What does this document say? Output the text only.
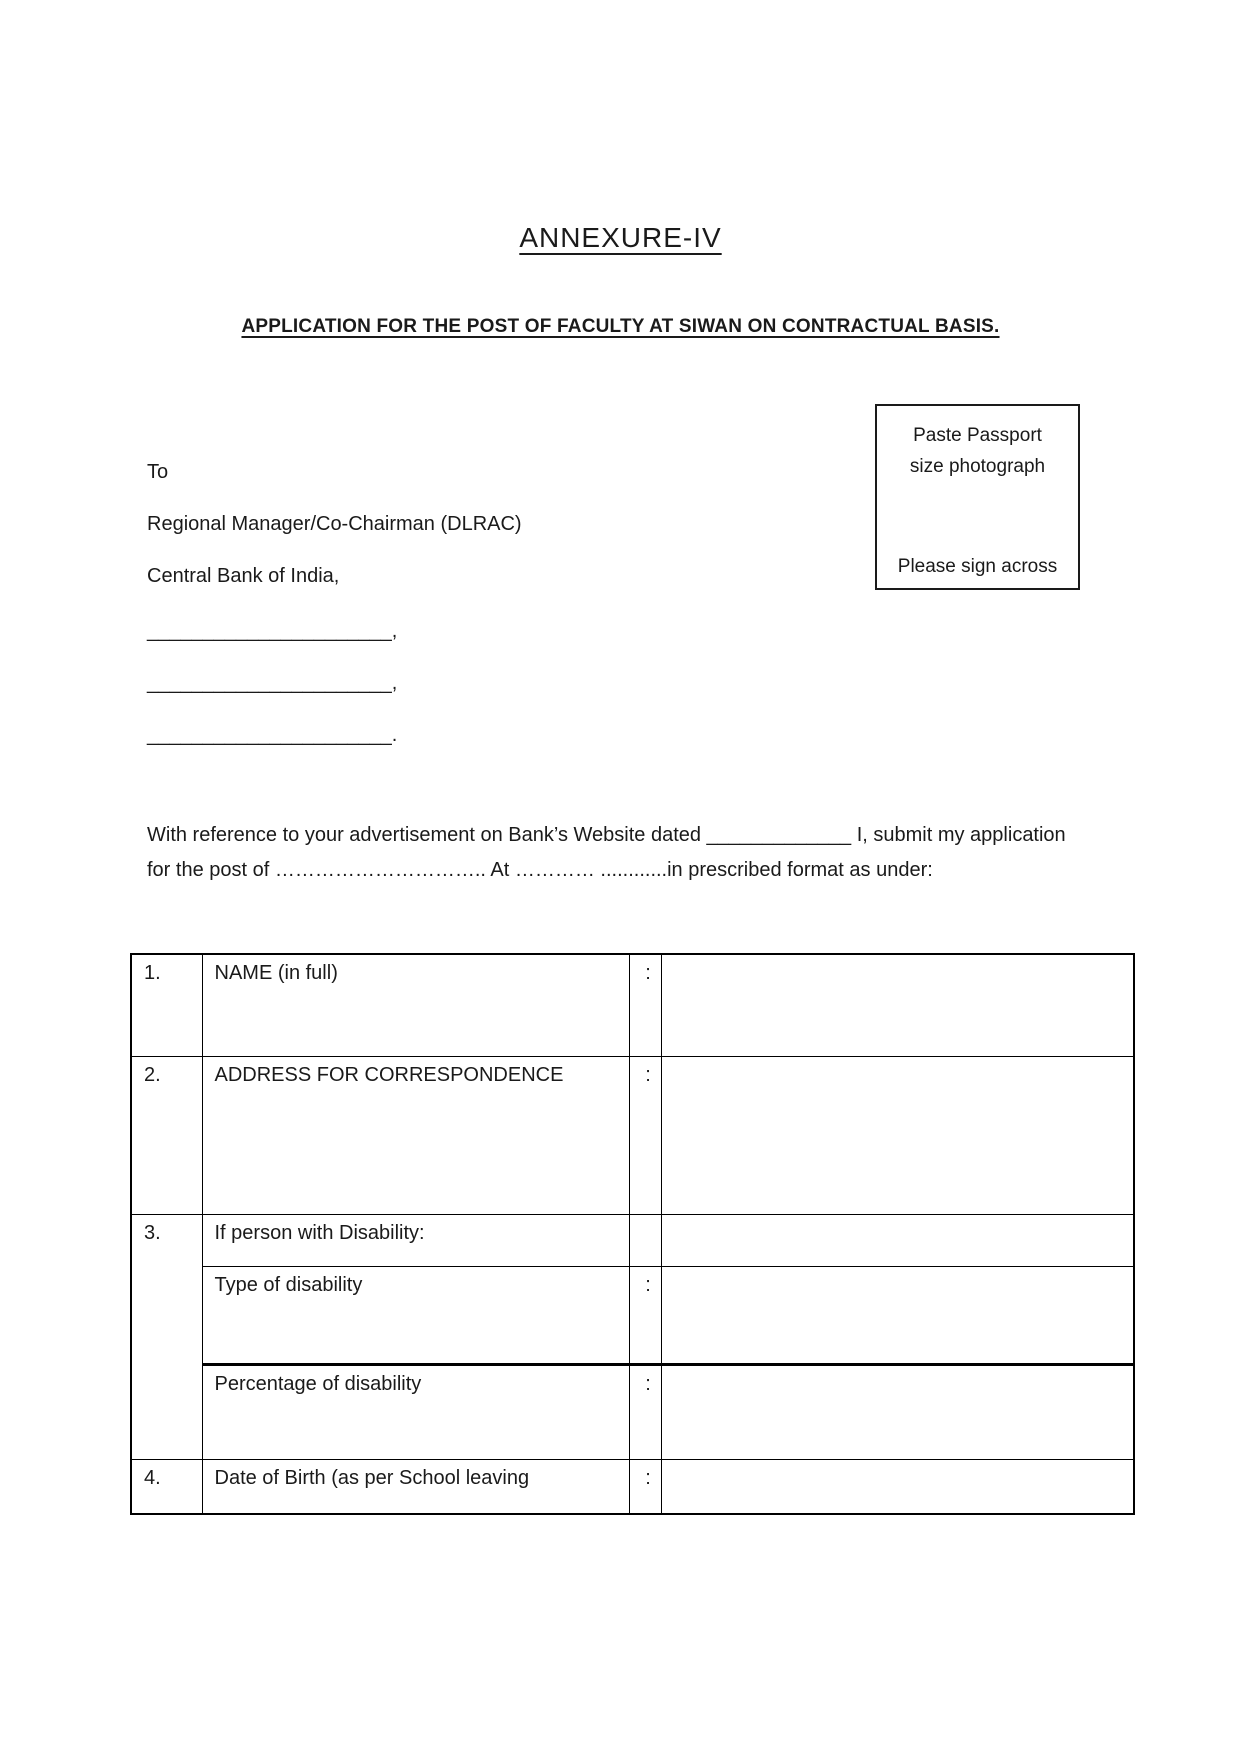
ANNEXURE-IV
APPLICATION FOR THE POST OF FACULTY AT SIWAN ON CONTRACTUAL BASIS.
Paste Passport
size photograph
Please sign across
To
Regional Manager/Co-Chairman (DLRAC)
Central Bank of India,
______________________,
______________________,
______________________.
With reference to your advertisement on Bank’s Website dated _____________ I, submit my application
for the post of ………………………….. At ………… ............in prescribed format as under:
1.	NAME (in full)	:	
2.	ADDRESS FOR CORRESPONDENCE	:	
3.	If person with Disability:		
	Type of disability	:	
	Percentage of disability	:	
4.	Date of Birth (as per School leaving	:	
